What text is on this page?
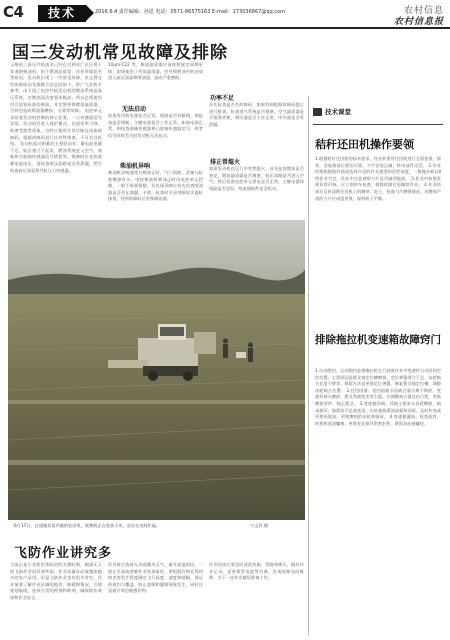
C4	技术	2016.6.4 责任编辑：孙思 电话：0571-86575163 E-mail：273036867@qq.com	农村信息
农村信息报
国三发动机常见故障及排除
玉柴国三高压共轨技术已经在近两年广泛应用于非道路柴油机，由于燃油品质差、作业环境恶劣等原因，发动机出现了一些常见故障，本文将这些故障原因及排除方法总结如下，供广大农机手参考。由于国三电控共轨发动机的燃油系统是高压系统，对燃油清洁度要求极高，所以必须使用符合国家标准的柴油，并定期更换燃油滤清器，否则会造成喷油器磨损、卡滞等故障。 电控单元承担着发动机控制的核心任务，一旦传感器信号异常，发动机会进入保护模式，出现功率下降、转速受限等现象，这时应使用专用诊断仪读取故障码，根据故障码进行针对性排查，不可盲目拆检。 发动机起动困难的主要原因有：蓄电池电量不足、轨压建立不起来、燃油系统进入空气、曲轴和凸轮轴传感器信号错误等。维修时应先检查蓄电池电压，再检查低压油路是否有泄漏，然后检查高压油泵和共轨压力传感器。
10μm-C22 等，柴油滤清器应该按照规定周期更换，如果使用了劣质滤清器，会导致燃油中的杂质进入高压油泵和喷油器，造成严重磨损。
无法启动
检查发动机电源是否正常，线路是否有断路，保险丝是否熔断，主继电器是否工作正常。如果电源正常，则检查曲轴传感器和凸轮轴传感器信号，两者信号同时丢失时发动机无法起动。
柴油机异响
柴油机异响通常与喷油正时、气门间隙、活塞与缸套磨损有关。电控柴油机喷油正时由电控单元控制，一般不需要调整，若出现异响应首先检查喷油器是否存在滴漏、卡滞。检查时可采用断缸法逐缸排查，找到故障缸后更换喷油器。
功率不足
首先检查是否有故障码，如果有则根据故障码提示进行排查。检查进气系统是否堵塞，空气滤清器是否需要更换，增压器是否工作正常，中冷器是否有泄漏。
排正常熄火
如果发动机在运行中突然熄火，首先检查燃油是否充足，燃油滤清器是否堵塞，低压油路是否进入空气。然后检查电控单元供电是否正常，主继电器和保险是否完好，线束插接件是否松动。
6月17日，在建湖县某乡镇的农田里，收割机正在收获小麦，农民在田间忙碌。	宁文武 摄
技术课堂
秸秆还田机操作要领
1.根据秸秆还田机的技术要求，作业前要对还田机进行全面检查、保养，各连接部位紧固可靠，刀片安装正确，转动部件灵活。 2.作业时要根据秸秆情况选择合适的作业速度和留茬高度，一般拖拉机以Ⅱ档作业为宜，作业中注意观察刀片是否碰到地面。 3.作业中如果发现异常声响，应立即停车检查，排除故障后再继续作业。 4.作业结束后及时清理还田机上的缠草、泥土，检查刀片磨损情况，对磨损严重的刀片应成组更换，保持转子平衡。
排除拖拉机变速箱故障窍门
1.自动脱挡。自动脱挡是指拖拉机在行驶或作业中变速杆自动回到空挡位置。主要原因是拨叉轴定位槽磨损、定位弹簧弹力不足、齿轮啮合长度不够等。排除方法是更换定位弹簧、修复拨叉轴定位槽，调整齿轮啮合位置。 2.挂挡困难。挂挡困难多因离合器分离不彻底、变速杆球头磨损、拨叉弯曲变形等引起。应调整离合器自由行程，更换磨损零件，校正拨叉。 3.变速箱异响。异响主要来自齿轮磨损、轴承损坏、润滑油不足或变质。应检查润滑油油量和油质，及时补充或更换齿轮油，更换磨损的齿轮和轴承。 4.变速箱漏油。检查油封、纸垫和放油螺塞，更换老化损坏的密封件，紧固各连接螺栓。
飞防作业讲究多
当前正是小麦病虫害防治的关键时期，植保无人机飞防作业因其效率高、作业质量好而被越来越多的农户采用。但是飞防作业也有很多讲究，作业前要了解作业区域的地形、障碍物情况，合理规划航线，选择合适的药剂和助剂，确保防治效果和作业安全。
作业时应选择无风或微风天气，避开高温时段，一般在早晨或傍晚作业效果最好。要根据作物长势和病虫害发生程度确定飞行高度、速度和喷幅，保证药液均匀覆盖，防止重喷和漏喷现象发生，同时注意避开周边敏感作物。
作业结束后要及时清洗药箱、管路和喷头，做好作业记录，妥善保管电池等设备，发现故障及时维修，为下一次作业做好准备工作。
